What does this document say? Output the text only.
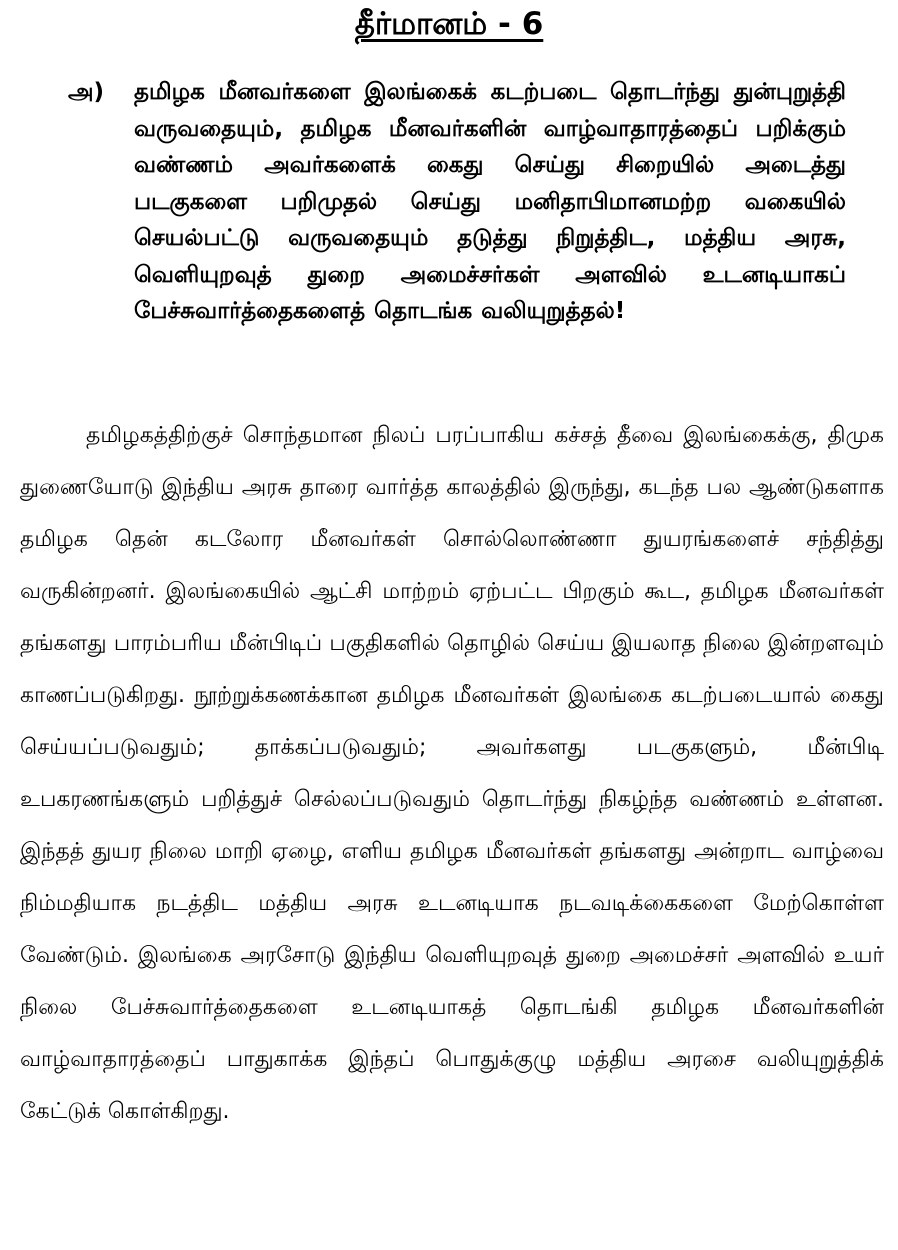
தீர்மானம் - 6
அ) தமிழக மீனவர்களை இலங்கைக் கடற்படை தொடர்ந்து துன்புறுத்தி வருவதையும், தமிழக மீனவர்களின் வாழ்வாதாரத்தைப் பறிக்கும் வண்ணம் அவர்களைக் கைது செய்து சிறையில் அடைத்து படகுகளை பறிமுதல் செய்து மனிதாபிமானமற்ற வகையில் செயல்பட்டு வருவதையும் தடுத்து நிறுத்திட, மத்திய அரசு, வெளியுறவுத் துறை அமைச்சர்கள் அளவில் உடனடியாகப் பேச்சுவார்த்தைகளைத் தொடங்க வலியுறுத்தல்!

தமிழகத்திற்குச் சொந்தமான நிலப் பரப்பாகிய கச்சத் தீவை இலங்கைக்கு, திமுக துணையோடு இந்திய அரசு தாரை வார்த்த காலத்தில் இருந்து, கடந்த பல ஆண்டுகளாக தமிழக தென் கடலோர மீனவர்கள் சொல்லொண்ணா துயரங்களைச் சந்தித்து வருகின்றனர். இலங்கையில் ஆட்சி மாற்றம் ஏற்பட்ட பிறகும் கூட, தமிழக மீனவர்கள் தங்களது பாரம்பரிய மீன்பிடிப் பகுதிகளில் தொழில் செய்ய இயலாத நிலை இன்றளவும் காணப்படுகிறது. நூற்றுக்கணக்கான தமிழக மீனவர்கள் இலங்கை கடற்படையால் கைது செய்யப்படுவதும்; தாக்கப்படுவதும்; அவர்களது படகுகளும், மீன்பிடி உபகரணங்களும் பறித்துச் செல்லப்படுவதும் தொடர்ந்து நிகழ்ந்த வண்ணம் உள்ளன. இந்தத் துயர நிலை மாறி ஏழை, எளிய தமிழக மீனவர்கள் தங்களது அன்றாட வாழ்வை நிம்மதியாக நடத்திட மத்திய அரசு உடனடியாக நடவடிக்கைகளை மேற்கொள்ள வேண்டும். இலங்கை அரசோடு இந்திய வெளியுறவுத் துறை அமைச்சர் அளவில் உயர் நிலை பேச்சுவார்த்தைகளை உடனடியாகத் தொடங்கி தமிழக மீனவர்களின் வாழ்வாதாரத்தைப் பாதுகாக்க இந்தப் பொதுக்குழு மத்திய அரசை வலியுறுத்திக் கேட்டுக் கொள்கிறது.
